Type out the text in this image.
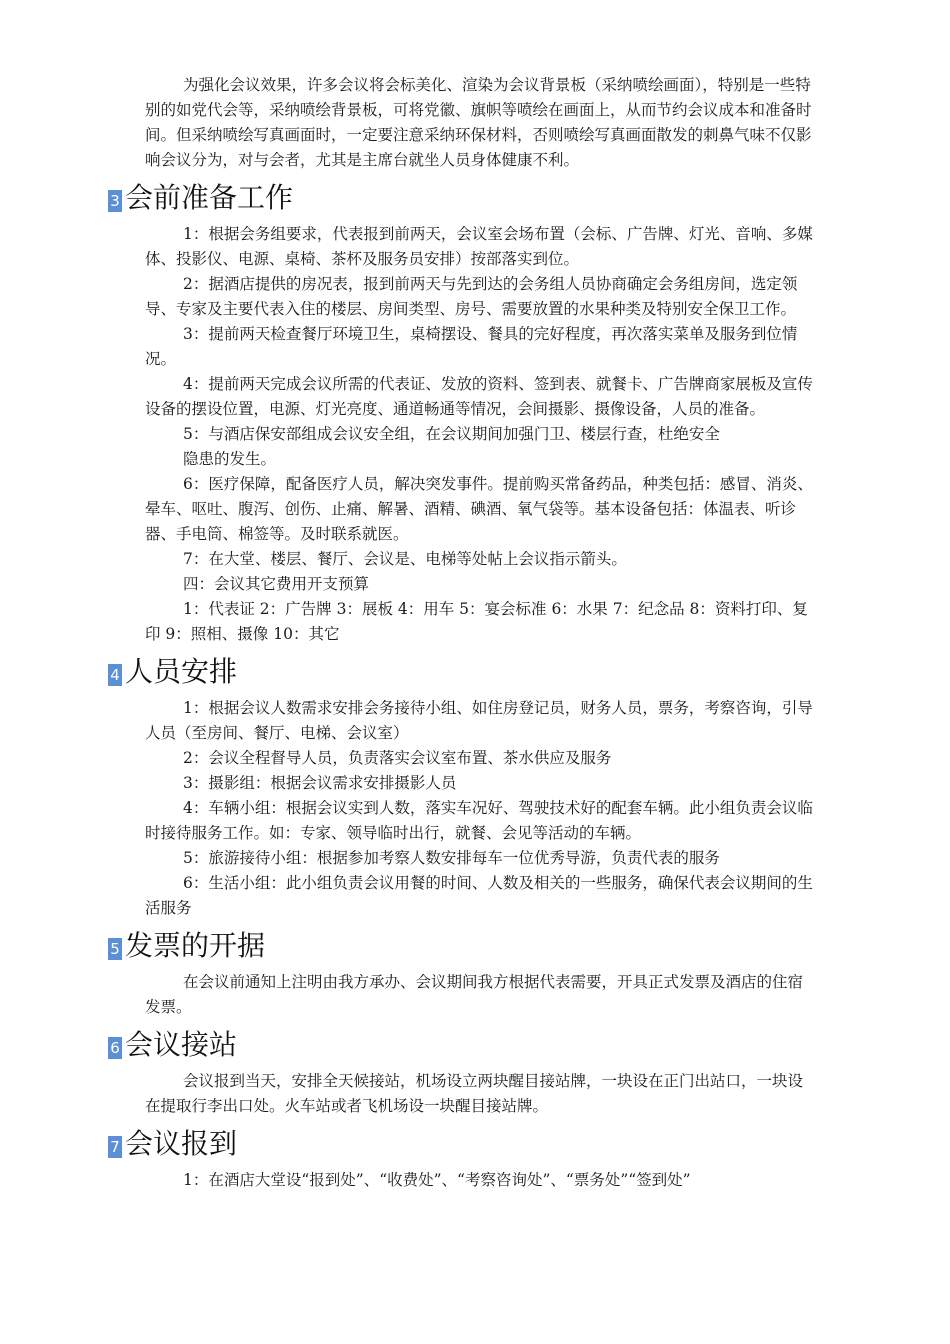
为强化会议效果，许多会议将会标美化、渲染为会议背景板（采纳喷绘画面），特别是一些特别的如党代会等，采纳喷绘背景板，可将党徽、旗帜等喷绘在画面上，从而节约会议成本和准备时间。但采纳喷绘写真画面时，一定要注意采纳环保材料，否则喷绘写真画面散发的刺鼻气味不仅影响会议分为，对与会者，尤其是主席台就坐人员身体健康不利。

3 会前准备工作

1：根据会务组要求，代表报到前两天，会议室会场布置（会标、广告牌、灯光、音响、多媒体、投影仪、电源、桌椅、茶杯及服务员安排）按部落实到位。

2：据酒店提供的房况表，报到前两天与先到达的会务组人员协商确定会务组房间，选定领导、专家及主要代表入住的楼层、房间类型、房号、需要放置的水果种类及特别安全保卫工作。

3：提前两天检查餐厅环境卫生，桌椅摆设、餐具的完好程度，再次落实菜单及服务到位情况。

4：提前两天完成会议所需的代表证、发放的资料、签到表、就餐卡、广告牌商家展板及宣传设备的摆设位置，电源、灯光亮度、通道畅通等情况，会间摄影、摄像设备，人员的准备。

5：与酒店保安部组成会议安全组，在会议期间加强门卫、楼层行查，杜绝安全

隐患的发生。

6：医疗保障，配备医疗人员，解决突发事件。提前购买常备药品，种类包括：感冒、消炎、晕车、呕吐、腹泻、创伤、止痛、解暑、酒精、碘酒、氧气袋等。基本设备包括：体温表、听诊器、手电筒、棉签等。及时联系就医。

7：在大堂、楼层、餐厅、会议是、电梯等处帖上会议指示箭头。

四：会议其它费用开支预算

1：代表证 2：广告牌 3：展板 4：用车 5：宴会标准 6：水果 7：纪念品 8：资料打印、复印 9：照相、摄像 10：其它

4 人员安排

1：根据会议人数需求安排会务接待小组、如住房登记员，财务人员，票务，考察咨询，引导人员（至房间、餐厅、电梯、会议室）

2：会议全程督导人员，负责落实会议室布置、茶水供应及服务

3：摄影组：根据会议需求安排摄影人员

4：车辆小组：根据会议实到人数，落实车况好、驾驶技术好的配套车辆。此小组负责会议临时接待服务工作。如：专家、领导临时出行，就餐、会见等活动的车辆。

5：旅游接待小组：根据参加考察人数安排每车一位优秀导游，负责代表的服务

6：生活小组：此小组负责会议用餐的时间、人数及相关的一些服务，确保代表会议期间的生活服务

5 发票的开据

在会议前通知上注明由我方承办、会议期间我方根据代表需要，开具正式发票及酒店的住宿发票。

6 会议接站

会议报到当天，安排全天候接站，机场设立两块醒目接站牌，一块设在正门出站口，一块设在提取行李出口处。火车站或者飞机场设一块醒目接站牌。

7 会议报到

1：在酒店大堂设“报到处”、“收费处”、“考察咨询处”、“票务处”“签到处”
